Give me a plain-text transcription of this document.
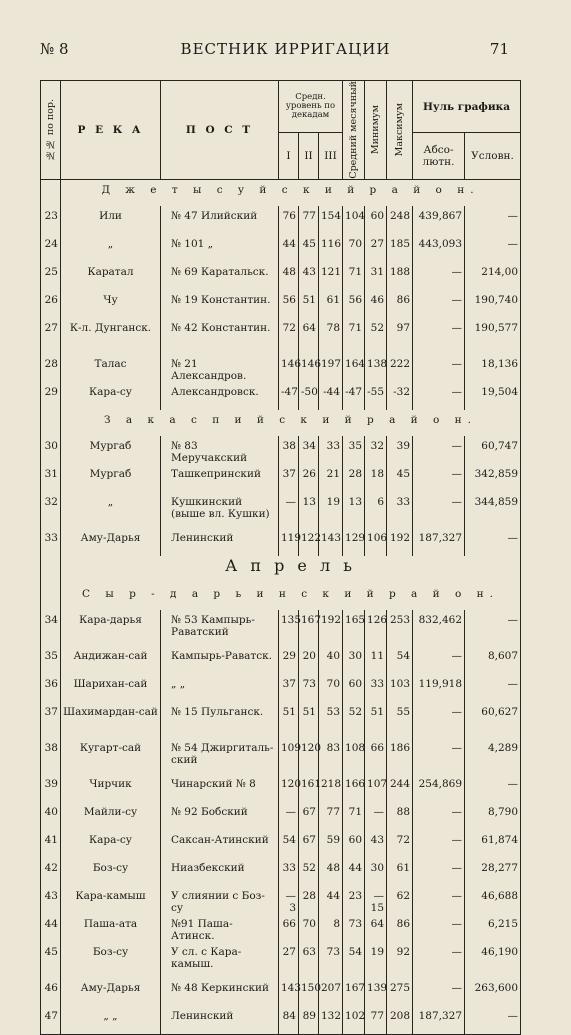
№ 8	ВЕСТНИК ИРРИГАЦИИ	71
№№ по пор.	Р Е К А	П О С Т	Средн. уровень по декадам			Средний месячный	Минимум	Максимум	Нуль графика	
			I	II	III				Абсо- лютн.	Условн.
	Д ж е т ы с у й с к и й р а й о н.									
23	Или	№ 47 Илийский	76	77	154	104	60	248	439,867	—
24	„	№ 101 „	44	45	116	70	27	185	443,093	—
25	Каратал	№ 69 Каратальск.	48	43	121	71	31	188	—	214,00
26	Чу	№ 19 Константин.	56	51	61	56	46	86	—	190,740
27	К-л. Дунганск.	№ 42 Константин.	72	64	78	71	52	97	—	190,577
28	Талас	№ 21 Александров.	146	146	197	164	138	222	—	18,136
29	Кара-су	Александровск.	-47	-50	-44	-47	-55	-32	—	19,504
	З а к а с п и й с к и й р а й о н.									
30	Мургаб	№ 83 Меручакский	38	34	33	35	32	39	—	60,747
31	Мургаб	Ташкепринский	37	26	21	28	18	45	—	342,859
32	„	Кушкинский (выше вл. Кушки)	—	13	19	13	6	33	—	344,859
33	Аму-Дарья	Ленинский	119	122	143	129	106	192	187,327	—
	А п р е л ь									
	С ы р - д а р ь и н с к и й р а й о н.									
34	Кара-дарья	№ 53 Кампырь-Раватский	135	167	192	165	126	253	832,462	—
35	Андижан-сай	Кампырь-Раватск.	29	20	40	30	11	54	—	8,607
36	Шарихан-сай	„ „	37	73	70	60	33	103	119,918	—
37	Шахимардан-сай	№ 15 Пульганск.	51	51	53	52	51	55	—	60,627
38	Кугарт-сай	№ 54 Джиргиталь-ский	109	120	83	108	66	186	—	4,289
39	Чирчик	Чинарский № 8	120	161	218	166	107	244	254,869	—
40	Майли-су	№ 92 Бобский	—	67	77	71	—	88	—	8,790
41	Кара-су	Саксан-Атинский	54	67	59	60	43	72	—	61,874
42	Боз-су	Ниазбекский	33	52	48	44	30	61	—	28,277
43	Кара-камыш	У слиянии с Боз-су	—3	28	44	23	—15	62	—	46,688
44	Паша-ата	№91 Паша-Атинск.	66	70	8	73	64	86	—	6,215
45	Боз-су	У сл. с Кара-камыш.	27	63	73	54	19	92	—	46,190
46	Аму-Дарья	№ 48 Керкинский	143	150	207	167	139	275	—	263,600
47	„ „	Ленинский	84	89	132	102	77	208	187,327	—
